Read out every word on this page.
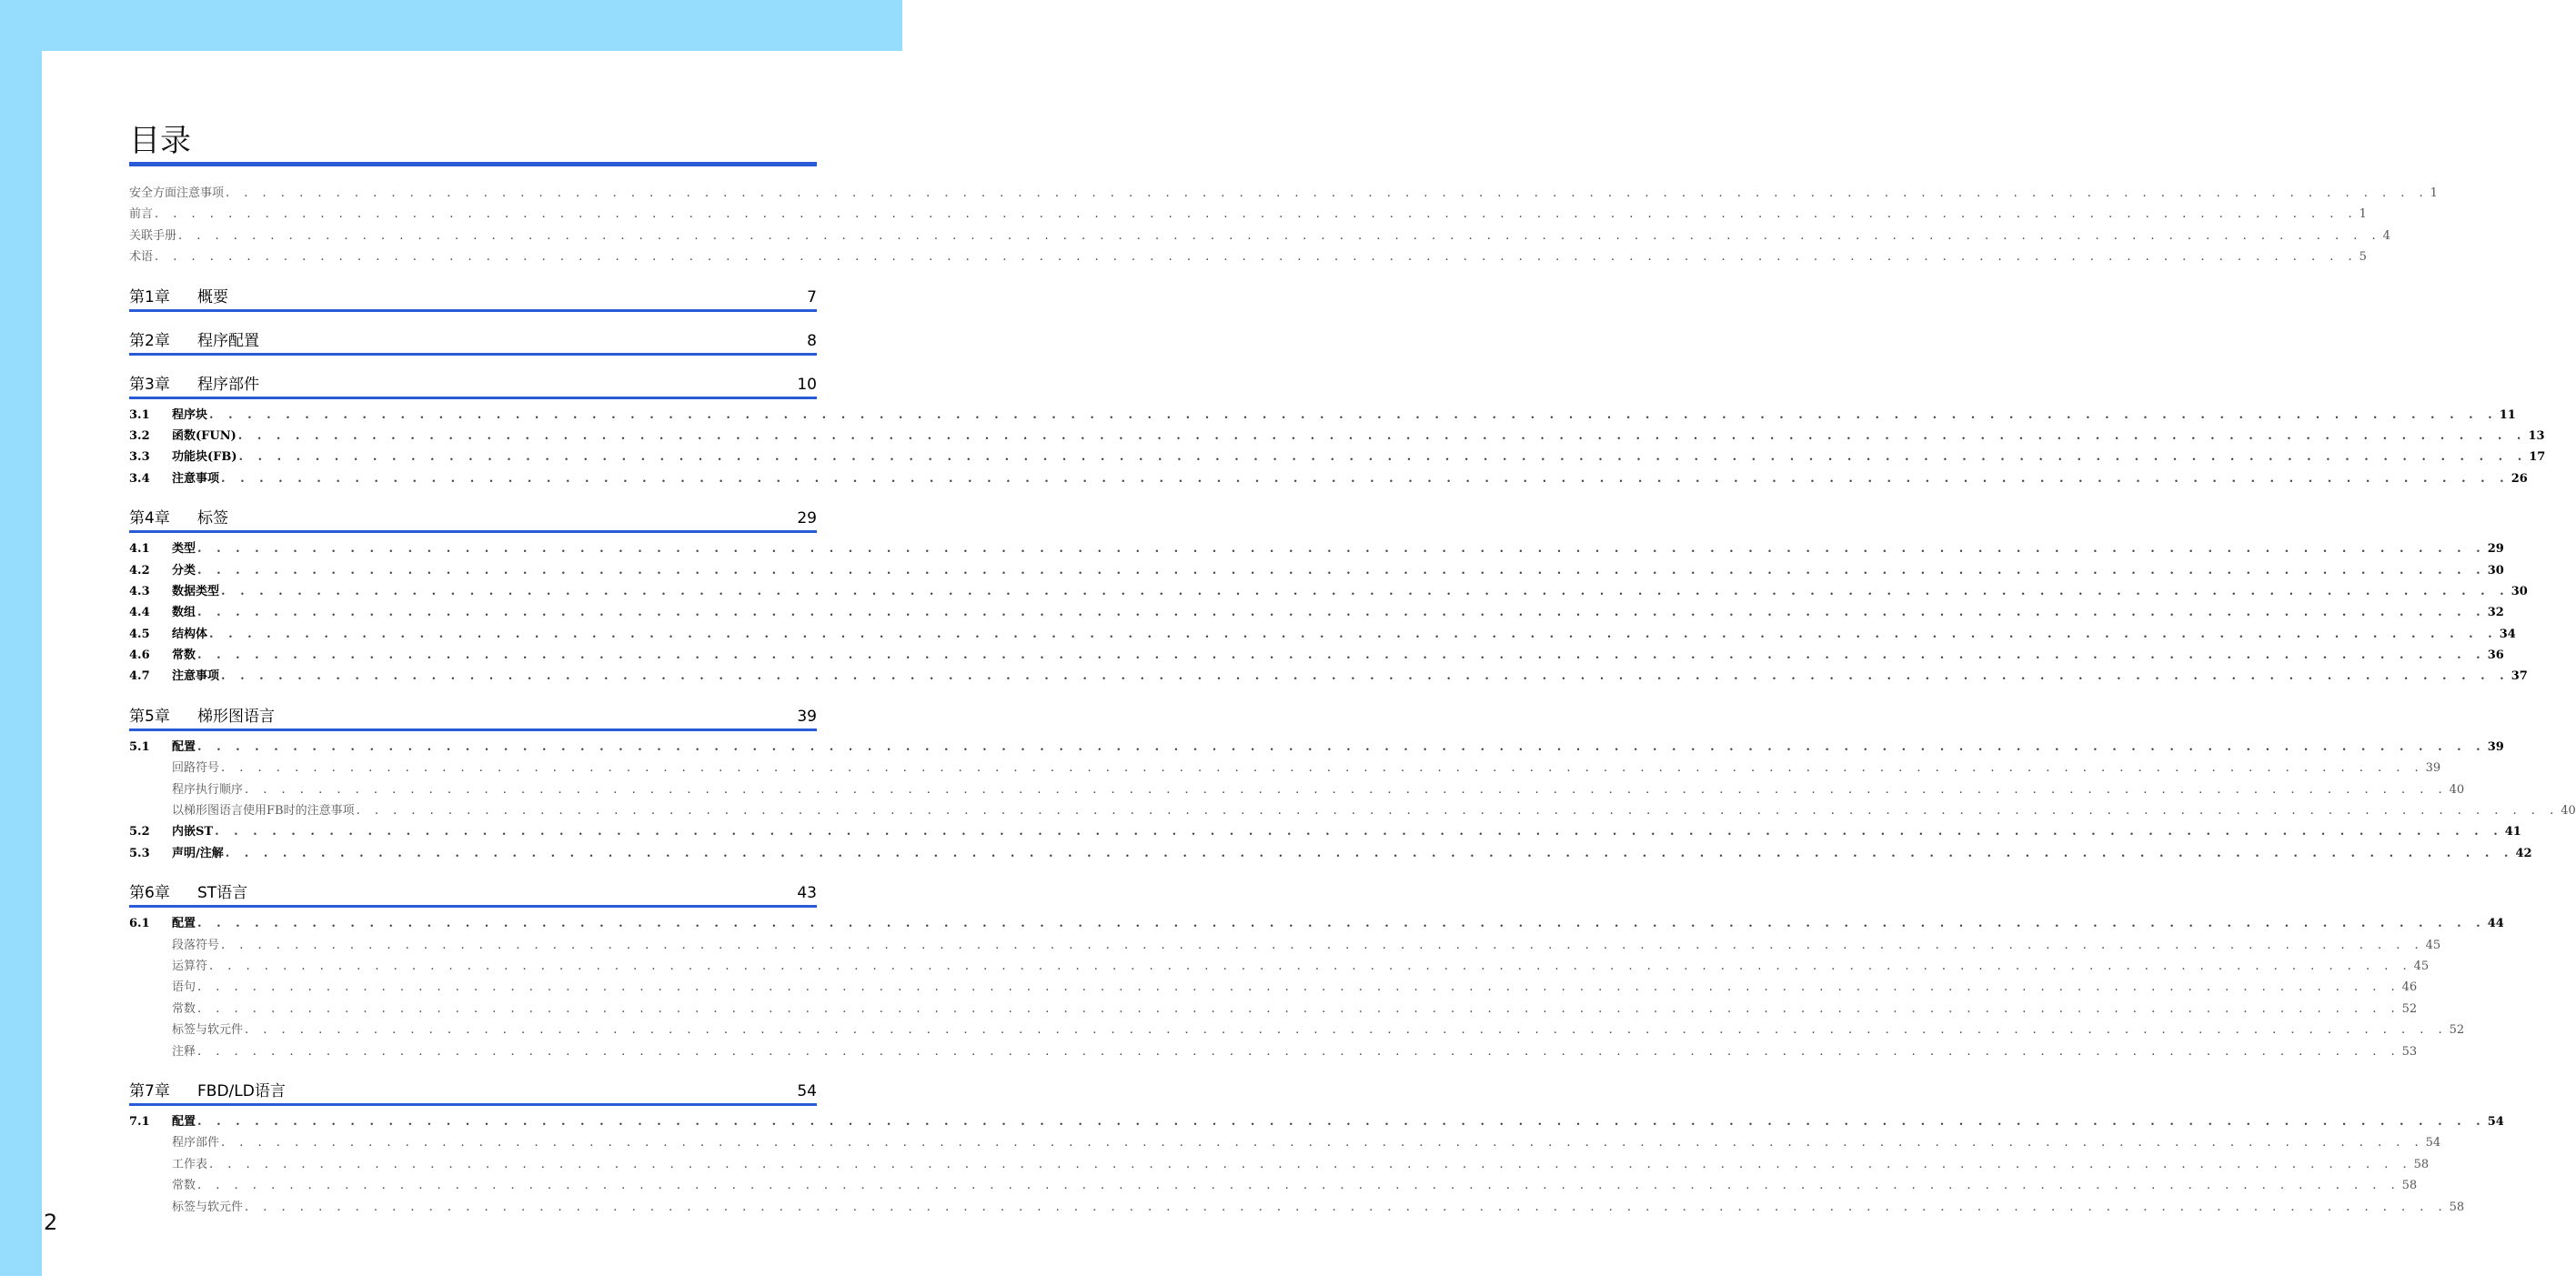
目录
安全方面注意事项 . . . . . . . . . . . . . . . . . . . . . . . . . . . . . . . . . . . . . . . . . . . . . . . . . . . . . . . . . . . . . . . . . . . . . . . . . . . . . . . . . . . . . . . . . . . . . . . . . . . . . . . . . . . . . . . . . . . . . . . . 1
前言 . . . . . . . . . . . . . . . . . . . . . . . . . . . . . . . . . . . . . . . . . . . . . . . . . . . . . . . . . . . . . . . . . . . . . . . . . . . . . . . . . . . . . . . . . . . . . . . . . . . . . . . . . . . . . . . . . . . . . . . . 1
关联手册 . . . . . . . . . . . . . . . . . . . . . . . . . . . . . . . . . . . . . . . . . . . . . . . . . . . . . . . . . . . . . . . . . . . . . . . . . . . . . . . . . . . . . . . . . . . . . . . . . . . . . . . . . . . . . . . . . . . . . . . . 4
术语 . . . . . . . . . . . . . . . . . . . . . . . . . . . . . . . . . . . . . . . . . . . . . . . . . . . . . . . . . . . . . . . . . . . . . . . . . . . . . . . . . . . . . . . . . . . . . . . . . . . . . . . . . . . . . . . . . . . . . . . . 5
第1章	概要	7
第2章	程序配置	8
第3章	程序部件	10
3.1	程序块 . . . . . . . . . . . . . . . . . . . . . . . . . . . . . . . . . . . . . . . . . . . . . . . . . . . . . . . . . . . . . . . . . . . . . . . . . . . . . . . . . . . . . . . . . . . . . . . . . . . . . . . . . . . . . . . . . . . . . . . . 11
3.2	函数(FUN) . . . . . . . . . . . . . . . . . . . . . . . . . . . . . . . . . . . . . . . . . . . . . . . . . . . . . . . . . . . . . . . . . . . . . . . . . . . . . . . . . . . . . . . . . . . . . . . . . . . . . . . . . . . . . . . . . . . . . . . . 13
3.3	功能块(FB) . . . . . . . . . . . . . . . . . . . . . . . . . . . . . . . . . . . . . . . . . . . . . . . . . . . . . . . . . . . . . . . . . . . . . . . . . . . . . . . . . . . . . . . . . . . . . . . . . . . . . . . . . . . . . . . . . . . . . . . . 17
3.4	注意事项 . . . . . . . . . . . . . . . . . . . . . . . . . . . . . . . . . . . . . . . . . . . . . . . . . . . . . . . . . . . . . . . . . . . . . . . . . . . . . . . . . . . . . . . . . . . . . . . . . . . . . . . . . . . . . . . . . . . . . . . . 26
第4章	标签	29
4.1	类型 . . . . . . . . . . . . . . . . . . . . . . . . . . . . . . . . . . . . . . . . . . . . . . . . . . . . . . . . . . . . . . . . . . . . . . . . . . . . . . . . . . . . . . . . . . . . . . . . . . . . . . . . . . . . . . . . . . . . . . . . 29
4.2	分类 . . . . . . . . . . . . . . . . . . . . . . . . . . . . . . . . . . . . . . . . . . . . . . . . . . . . . . . . . . . . . . . . . . . . . . . . . . . . . . . . . . . . . . . . . . . . . . . . . . . . . . . . . . . . . . . . . . . . . . . . 30
4.3	数据类型 . . . . . . . . . . . . . . . . . . . . . . . . . . . . . . . . . . . . . . . . . . . . . . . . . . . . . . . . . . . . . . . . . . . . . . . . . . . . . . . . . . . . . . . . . . . . . . . . . . . . . . . . . . . . . . . . . . . . . . . . 30
4.4	数组 . . . . . . . . . . . . . . . . . . . . . . . . . . . . . . . . . . . . . . . . . . . . . . . . . . . . . . . . . . . . . . . . . . . . . . . . . . . . . . . . . . . . . . . . . . . . . . . . . . . . . . . . . . . . . . . . . . . . . . . . 32
4.5	结构体 . . . . . . . . . . . . . . . . . . . . . . . . . . . . . . . . . . . . . . . . . . . . . . . . . . . . . . . . . . . . . . . . . . . . . . . . . . . . . . . . . . . . . . . . . . . . . . . . . . . . . . . . . . . . . . . . . . . . . . . . 34
4.6	常数 . . . . . . . . . . . . . . . . . . . . . . . . . . . . . . . . . . . . . . . . . . . . . . . . . . . . . . . . . . . . . . . . . . . . . . . . . . . . . . . . . . . . . . . . . . . . . . . . . . . . . . . . . . . . . . . . . . . . . . . . 36
4.7	注意事项 . . . . . . . . . . . . . . . . . . . . . . . . . . . . . . . . . . . . . . . . . . . . . . . . . . . . . . . . . . . . . . . . . . . . . . . . . . . . . . . . . . . . . . . . . . . . . . . . . . . . . . . . . . . . . . . . . . . . . . . . 37
第5章	梯形图语言	39
5.1	配置 . . . . . . . . . . . . . . . . . . . . . . . . . . . . . . . . . . . . . . . . . . . . . . . . . . . . . . . . . . . . . . . . . . . . . . . . . . . . . . . . . . . . . . . . . . . . . . . . . . . . . . . . . . . . . . . . . . . . . . . . 39
回路符号 . . . . . . . . . . . . . . . . . . . . . . . . . . . . . . . . . . . . . . . . . . . . . . . . . . . . . . . . . . . . . . . . . . . . . . . . . . . . . . . . . . . . . . . . . . . . . . . . . . . . . . . . . . . . . . . . . . . . . . . . 39
程序执行顺序 . . . . . . . . . . . . . . . . . . . . . . . . . . . . . . . . . . . . . . . . . . . . . . . . . . . . . . . . . . . . . . . . . . . . . . . . . . . . . . . . . . . . . . . . . . . . . . . . . . . . . . . . . . . . . . . . . . . . . . . . 40
以梯形图语言使用FB时的注意事项 . . . . . . . . . . . . . . . . . . . . . . . . . . . . . . . . . . . . . . . . . . . . . . . . . . . . . . . . . . . . . . . . . . . . . . . . . . . . . . . . . . . . . . . . . . . . . . . . . . . . . . . . . . . . . . . . . . . . . . . . 40
5.2	内嵌ST . . . . . . . . . . . . . . . . . . . . . . . . . . . . . . . . . . . . . . . . . . . . . . . . . . . . . . . . . . . . . . . . . . . . . . . . . . . . . . . . . . . . . . . . . . . . . . . . . . . . . . . . . . . . . . . . . . . . . . . . 41
5.3	声明/注解 . . . . . . . . . . . . . . . . . . . . . . . . . . . . . . . . . . . . . . . . . . . . . . . . . . . . . . . . . . . . . . . . . . . . . . . . . . . . . . . . . . . . . . . . . . . . . . . . . . . . . . . . . . . . . . . . . . . . . . . . 42
第6章	ST语言	43
6.1	配置 . . . . . . . . . . . . . . . . . . . . . . . . . . . . . . . . . . . . . . . . . . . . . . . . . . . . . . . . . . . . . . . . . . . . . . . . . . . . . . . . . . . . . . . . . . . . . . . . . . . . . . . . . . . . . . . . . . . . . . . . 44
段落符号 . . . . . . . . . . . . . . . . . . . . . . . . . . . . . . . . . . . . . . . . . . . . . . . . . . . . . . . . . . . . . . . . . . . . . . . . . . . . . . . . . . . . . . . . . . . . . . . . . . . . . . . . . . . . . . . . . . . . . . . . 45
运算符 . . . . . . . . . . . . . . . . . . . . . . . . . . . . . . . . . . . . . . . . . . . . . . . . . . . . . . . . . . . . . . . . . . . . . . . . . . . . . . . . . . . . . . . . . . . . . . . . . . . . . . . . . . . . . . . . . . . . . . . . 45
语句 . . . . . . . . . . . . . . . . . . . . . . . . . . . . . . . . . . . . . . . . . . . . . . . . . . . . . . . . . . . . . . . . . . . . . . . . . . . . . . . . . . . . . . . . . . . . . . . . . . . . . . . . . . . . . . . . . . . . . . . . 46
常数 . . . . . . . . . . . . . . . . . . . . . . . . . . . . . . . . . . . . . . . . . . . . . . . . . . . . . . . . . . . . . . . . . . . . . . . . . . . . . . . . . . . . . . . . . . . . . . . . . . . . . . . . . . . . . . . . . . . . . . . . 52
标签与软元件 . . . . . . . . . . . . . . . . . . . . . . . . . . . . . . . . . . . . . . . . . . . . . . . . . . . . . . . . . . . . . . . . . . . . . . . . . . . . . . . . . . . . . . . . . . . . . . . . . . . . . . . . . . . . . . . . . . . . . . . . 52
注释 . . . . . . . . . . . . . . . . . . . . . . . . . . . . . . . . . . . . . . . . . . . . . . . . . . . . . . . . . . . . . . . . . . . . . . . . . . . . . . . . . . . . . . . . . . . . . . . . . . . . . . . . . . . . . . . . . . . . . . . . 53
第7章	FBD/LD语言	54
7.1	配置 . . . . . . . . . . . . . . . . . . . . . . . . . . . . . . . . . . . . . . . . . . . . . . . . . . . . . . . . . . . . . . . . . . . . . . . . . . . . . . . . . . . . . . . . . . . . . . . . . . . . . . . . . . . . . . . . . . . . . . . . 54
程序部件 . . . . . . . . . . . . . . . . . . . . . . . . . . . . . . . . . . . . . . . . . . . . . . . . . . . . . . . . . . . . . . . . . . . . . . . . . . . . . . . . . . . . . . . . . . . . . . . . . . . . . . . . . . . . . . . . . . . . . . . . 54
工作表 . . . . . . . . . . . . . . . . . . . . . . . . . . . . . . . . . . . . . . . . . . . . . . . . . . . . . . . . . . . . . . . . . . . . . . . . . . . . . . . . . . . . . . . . . . . . . . . . . . . . . . . . . . . . . . . . . . . . . . . . 58
常数 . . . . . . . . . . . . . . . . . . . . . . . . . . . . . . . . . . . . . . . . . . . . . . . . . . . . . . . . . . . . . . . . . . . . . . . . . . . . . . . . . . . . . . . . . . . . . . . . . . . . . . . . . . . . . . . . . . . . . . . . 58
标签与软元件 . . . . . . . . . . . . . . . . . . . . . . . . . . . . . . . . . . . . . . . . . . . . . . . . . . . . . . . . . . . . . . . . . . . . . . . . . . . . . . . . . . . . . . . . . . . . . . . . . . . . . . . . . . . . . . . . . . . . . . . . 58
2
